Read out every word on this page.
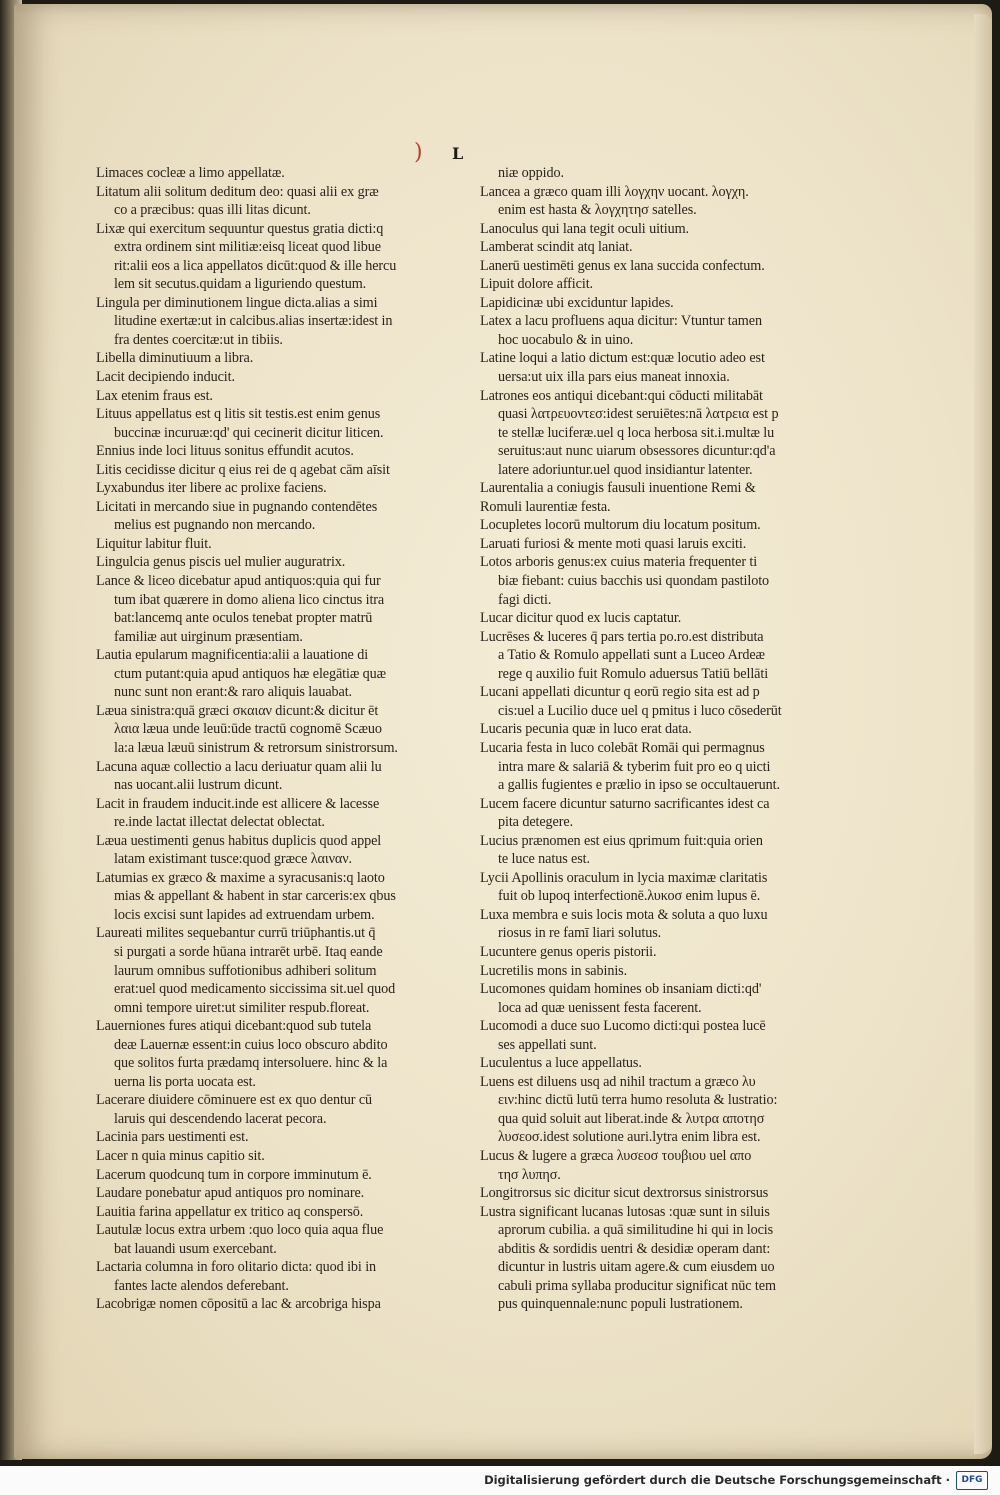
) L
Limaces cocleæ a limo appellatæ.
Litatum alii solitum deditum deo: quasi alii ex græ
co a præcibus: quas illi litas dicunt.
Lixæ qui exercitum sequuntur questus gratia dicti:q
extra ordinem sint militiæ:eisq liceat quod libue
rit:alii eos a lica appellatos dicūt:quod & ille hercu
lem sit secutus.quidam a liguriendo questum.
Lingula per diminutionem lingue dicta.alias a simi
litudine exertæ:ut in calcibus.alias insertæ:idest in
fra dentes coercitæ:ut in tibiis.
Libella diminutiuum a libra.
Lacit decipiendo inducit.
Lax etenim fraus est.
Lituus appellatus est q litis sit testis.est enim genus
buccinæ incuruæ:qd' qui cecinerit dicitur liticen.
Ennius inde loci lituus sonitus effundit acutos.
Litis cecidisse dicitur q eius rei de q agebat cām aīsit
Lyxabundus iter libere ac prolixe faciens.
Licitati in mercando siue in pugnando contendētes
melius est pugnando non mercando.
Liquitur labitur fluit.
Lingulcia genus piscis uel mulier auguratrix.
Lance & liceo dicebatur apud antiquos:quia qui fur
tum ibat quærere in domo aliena lico cinctus itra
bat:lancemq ante oculos tenebat propter matrū
familiæ aut uirginum præsentiam.
Lautia epularum magnificentia:alii a lauatione di
ctum putant:quia apud antiquos hæ elegātiæ quæ
nunc sunt non erant:& raro aliquis lauabat.
Læua sinistra:quā græci σκαιαν dicunt:& dicitur ēt
λαια læua unde leuū:ūde tractū cognomē Scæuo
la:a læua læuū sinistrum & retrorsum sinistrorsum.
Lacuna aquæ collectio a lacu deriuatur quam alii lu
nas uocant.alii lustrum dicunt.
Lacit in fraudem inducit.inde est allicere & lacesse
re.inde lactat illectat delectat oblectat.
Læua uestimenti genus habitus duplicis quod appel
latam existimant tusce:quod græce λαιναν.
Latumias ex græco & maxime a syracusanis:q laoto
mias & appellant & habent in star carceris:ex qbus
locis excisi sunt lapides ad extruendam urbem.
Laureati milites sequebantur currū triūphantis.ut q̄
si purgati a sorde hūana intrarēt urbē. Itaq eande
laurum omnibus suffotionibus adhiberi solitum
erat:uel quod medicamento siccissima sit.uel quod
omni tempore uiret:ut similiter respub.floreat.
Lauerniones fures atiqui dicebant:quod sub tutela
deæ Lauernæ essent:in cuius loco obscuro abdito
que solitos furta prædamq intersoluere. hinc & la
uerna lis porta uocata est.
Lacerare diuidere cōminuere est ex quo dentur cū
laruis qui descendendo lacerat pecora.
Lacinia pars uestimenti est.
Lacer n quia minus capitio sit.
Lacerum quodcunq tum in corpore imminutum ē.
Laudare ponebatur apud antiquos pro nominare.
Lauitia farina appellatur ex tritico aq conspersō.
Lautulæ locus extra urbem :quo loco quia aqua flue
bat lauandi usum exercebant.
Lactaria columna in foro olitario dicta: quod ibi in
fantes lacte alendos deferebant.
Lacobrigæ nomen cōpositū a lac & arcobriga hispa
niæ oppido.
Lancea a græco quam illi λογχην uocant. λογχη.
enim est hasta & λογχητησ satelles.
Lanoculus qui lana tegit oculi uitium.
Lamberat scindit atq laniat.
Lanerū uestimēti genus ex lana succida confectum.
Lipuit dolore afficit.
Lapidicinæ ubi exciduntur lapides.
Latex a lacu profluens aqua dicitur: Vtuntur tamen
hoc uocabulo & in uino.
Latine loqui a latio dictum est:quæ locutio adeo est
uersa:ut uix illa pars eius maneat innoxia.
Latrones eos antiqui dicebant:qui cōducti militabāt
quasi λατρευοντεσ:idest seruiētes:nā λατρεια est p
te stellæ luciferæ.uel q loca herbosa sit.i.multæ lu
seruitus:aut nunc uiarum obsessores dicuntur:qd'a
latere adoriuntur.uel quod insidiantur latenter.
Laurentalia a coniugis fausuli inuentione Remi &
Romuli laurentiæ festa.
Locupletes locorū multorum diu locatum positum.
Laruati furiosi & mente moti quasi laruis exciti.
Lotos arboris genus:ex cuius materia frequenter ti
biæ fiebant: cuius bacchis usi quondam pastiloto
fagi dicti.
Lucar dicitur quod ex lucis captatur.
Lucrēses & luceres q̄ pars tertia po.ro.est distributa
a Tatio & Romulo appellati sunt a Luceo Ardeæ
rege q auxilio fuit Romulo aduersus Tatiū bellāti
Lucani appellati dicuntur q eorū regio sita est ad p
cis:uel a Lucilio duce uel q pmitus i luco cōsederūt
Lucaris pecunia quæ in luco erat data.
Lucaria festa in luco colebāt Romāi qui permagnus
intra mare & salariā & tyberim fuit pro eo q uicti
a gallis fugientes e prælio in ipso se occultauerunt.
Lucem facere dicuntur saturno sacrificantes idest ca
pita detegere.
Lucius prænomen est eius qprimum fuit:quia orien
te luce natus est.
Lycii Apollinis oraculum in lycia maximæ claritatis
fuit ob lupoq interfectionē.λυκοσ enim lupus ē.
Luxa membra e suis locis mota & soluta a quo luxu
riosus in re famī liari solutus.
Lucuntere genus operis pistorii.
Lucretilis mons in sabinis.
Lucomones quidam homines ob insaniam dicti:qd'
loca ad quæ uenissent festa facerent.
Lucomodi a duce suo Lucomo dicti:qui postea lucē
ses appellati sunt.
Luculentus a luce appellatus.
Luens est diluens usq ad nihil tractum a græco λυ
ειν:hinc dictū lutū terra humo resoluta & lustratio:
qua quid soluit aut liberat.inde & λυτρα αποτησ
λυσεοσ.idest solutione auri.lytra enim libra est.
Lucus & lugere a græca λυσεοσ τουβιου uel απο
τησ λυπησ.
Longitrorsus sic dicitur sicut dextrorsus sinistrorsus
Lustra significant lucanas lutosas :quæ sunt in siluis
aprorum cubilia. a quā similitudine hi qui in locis
abditis & sordidis uentri & desidiæ operam dant:
dicuntur in lustris uitam agere.& cum eiusdem uo
cabuli prima syllaba producitur significat nūc tem
pus quinquennale:nunc populi lustrationem.
Digitalisierung gefördert durch die Deutsche Forschungsgemeinschaft ·	DFG
